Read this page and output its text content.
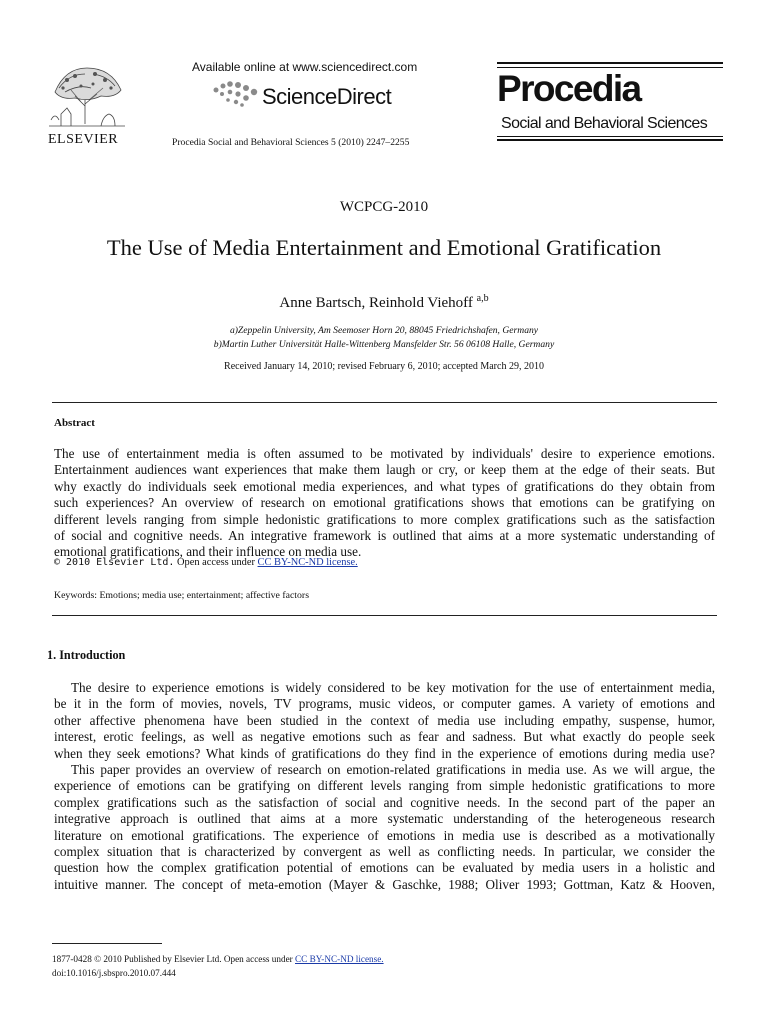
ELSEVIER
Available online at www.sciencedirect.com
ScienceDirect
Procedia Social and Behavioral Sciences 5 (2010) 2247–2255
Procedia
Social and Behavioral Sciences
WCPCG-2010
The Use of Media Entertainment and Emotional Gratification
Anne Bartsch, Reinhold Viehoff $^{a,b}$
a)Zeppelin University, Am Seemoser Horn 20, 88045 Friedrichshafen, Germany
b)Martin Luther Universität Halle-Wittenberg Mansfelder Str. 56 06108 Halle, Germany
Received January 14, 2010; revised February 6, 2010; accepted March 29, 2010
Abstract
The use of entertainment media is often assumed to be motivated by individuals' desire to experience emotions.
Entertainment audiences want experiences that make them laugh or cry, or keep them at the edge of their seats. But
why exactly do individuals seek emotional media experiences, and what types of gratifications do they obtain from
such experiences? An overview of research on emotional gratifications shows that emotions can be gratifying on
different levels ranging from simple hedonistic gratifications to more complex gratifications such as the satisfaction
of social and cognitive needs. An integrative framework is outlined that aims at a more systematic understanding of
emotional gratifications, and their influence on media use.
© 2010 Elsevier Ltd. Open access under CC BY-NC-ND license.
Keywords: Emotions; media use; entertainment; affective factors
1. Introduction
The desire to experience emotions is widely considered to be key motivation for the use of entertainment media,
be it in the form of movies, novels, TV programs, music videos, or computer games. A variety of emotions and
other affective phenomena have been studied in the context of media use including empathy, suspense, humor,
interest, erotic feelings, as well as negative emotions such as fear and sadness. But what exactly do people seek
when they seek emotions? What kinds of gratifications do they find in the experience of emotions during media use?
This paper provides an overview of research on emotion-related gratifications in media use. As we will argue, the
experience of emotions can be gratifying on different levels ranging from simple hedonistic gratifications to more
complex gratifications such as the satisfaction of social and cognitive needs. In the second part of the paper an
integrative approach is outlined that aims at a more systematic understanding of the heterogeneous research
literature on emotional gratifications. The experience of emotions in media use is described as a motivationally
complex situation that is characterized by convergent as well as conflicting needs. In particular, we consider the
question how the complex gratification potential of emotions can be evaluated by media users in a holistic and
intuitive manner. The concept of meta-emotion (Mayer & Gaschke, 1988; Oliver 1993; Gottman, Katz & Hooven,
1877-0428 © 2010 Published by Elsevier Ltd. Open access under CC BY-NC-ND license.
doi:10.1016/j.sbspro.2010.07.444
